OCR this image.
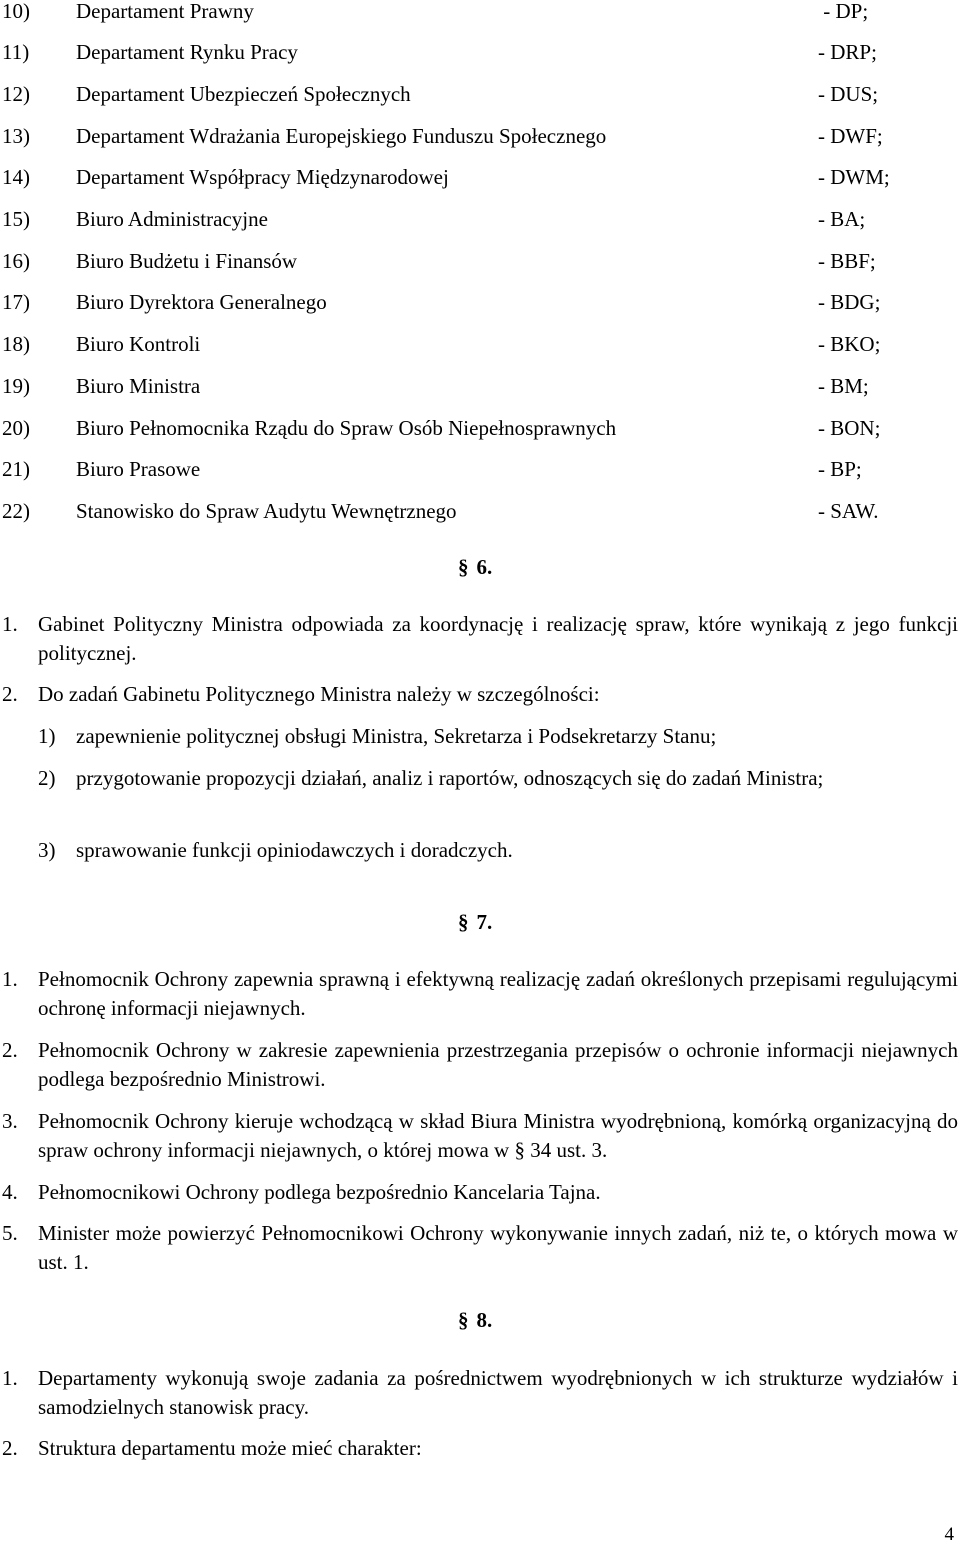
10) Departament Prawny	- DP;
11) Departament Rynku Pracy	- DRP;
12) Departament Ubezpieczeń Społecznych	- DUS;
13) Departament Wdrażania Europejskiego Funduszu Społecznego	- DWF;
14) Departament Współpracy Międzynarodowej	- DWM;
15) Biuro Administracyjne	- BA;
16) Biuro Budżetu i Finansów	- BBF;
17) Biuro Dyrektora Generalnego	- BDG;
18) Biuro Kontroli	- BKO;
19) Biuro Ministra	- BM;
20) Biuro Pełnomocnika Rządu do Spraw Osób Niepełnosprawnych	- BON;
21) Biuro Prasowe	- BP;
22) Stanowisko do Spraw Audytu Wewnętrznego	- SAW.
§ 6.
1. Gabinet Polityczny Ministra odpowiada za koordynację i realizację spraw, które wynikają z jego funkcji politycznej.
2. Do zadań Gabinetu Politycznego Ministra należy w szczególności:
1) zapewnienie politycznej obsługi Ministra, Sekretarza i Podsekretarzy Stanu;
2) przygotowanie propozycji działań, analiz i raportów, odnoszących się do zadań Ministra;
3) sprawowanie funkcji opiniodawczych i doradczych.
§ 7.
1. Pełnomocnik Ochrony zapewnia sprawną i efektywną realizację zadań określonych przepisami regulującymi ochronę informacji niejawnych.
2. Pełnomocnik Ochrony w zakresie zapewnienia przestrzegania przepisów o ochronie informacji niejawnych podlega bezpośrednio Ministrowi.
3. Pełnomocnik Ochrony kieruje wchodzącą w skład Biura Ministra wyodrębnioną, komórką organizacyjną do spraw ochrony informacji niejawnych, o której mowa w § 34 ust. 3.
4. Pełnomocnikowi Ochrony podlega bezpośrednio Kancelaria Tajna.
5. Minister może powierzyć Pełnomocnikowi Ochrony wykonywanie innych zadań, niż te, o których mowa w ust. 1.
§ 8.
1. Departamenty wykonują swoje zadania za pośrednictwem wyodrębnionych w ich strukturze wydziałów i samodzielnych stanowisk pracy.
2. Struktura departamentu może mieć charakter:
4
